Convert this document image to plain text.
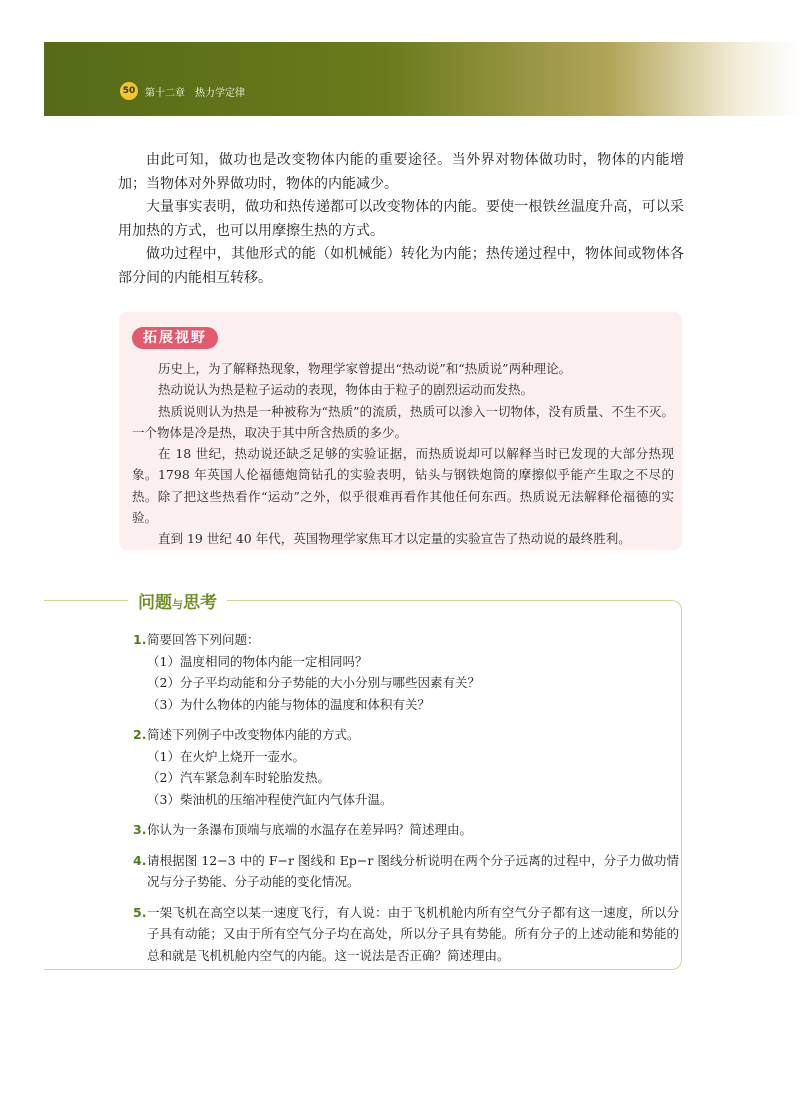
50 第十二章　热力学定律

由此可知，做功也是改变物体内能的重要途径。当外界对物体做功时，物体的内能增加；当物体对外界做功时，物体的内能减少。

大量事实表明，做功和热传递都可以改变物体的内能。要使一根铁丝温度升高，可以采用加热的方式，也可以用摩擦生热的方式。

做功过程中，其他形式的能（如机械能）转化为内能；热传递过程中，物体间或物体各部分间的内能相互转移。

拓展视野

历史上，为了解释热现象，物理学家曾提出“热动说”和“热质说”两种理论。

热动说认为热是粒子运动的表现，物体由于粒子的剧烈运动而发热。

热质说则认为热是一种被称为“热质”的流质，热质可以渗入一切物体，没有质量、不生不灭。一个物体是冷是热，取决于其中所含热质的多少。

在 18 世纪，热动说还缺乏足够的实验证据，而热质说却可以解释当时已发现的大部分热现象。1798 年英国人伦福德炮筒钻孔的实验表明，钻头与钢铁炮筒的摩擦似乎能产生取之不尽的热。除了把这些热看作“运动”之外，似乎很难再看作其他任何东西。热质说无法解释伦福德的实验。

直到 19 世纪 40 年代，英国物理学家焦耳才以定量的实验宣告了热动说的最终胜利。

问题与思考
1. 简要回答下列问题：
（1）温度相同的物体内能一定相同吗？
（2）分子平均动能和分子势能的大小分别与哪些因素有关？
（3）为什么物体的内能与物体的温度和体积有关？
2. 简述下列例子中改变物体内能的方式。
（1）在火炉上烧开一壶水。
（2）汽车紧急刹车时轮胎发热。
（3）柴油机的压缩冲程使汽缸内气体升温。
3. 你认为一条瀑布顶端与底端的水温存在差异吗？简述理由。
4. 请根据图 12−3 中的 F−r 图线和 Ep−r 图线分析说明在两个分子远离的过程中，分子力做功情况与分子势能、分子动能的变化情况。
5. 一架飞机在高空以某一速度飞行，有人说：由于飞机机舱内所有空气分子都有这一速度，所以分子具有动能；又由于所有空气分子均在高处，所以分子具有势能。所有分子的上述动能和势能的总和就是飞机机舱内空气的内能。这一说法是否正确？简述理由。
